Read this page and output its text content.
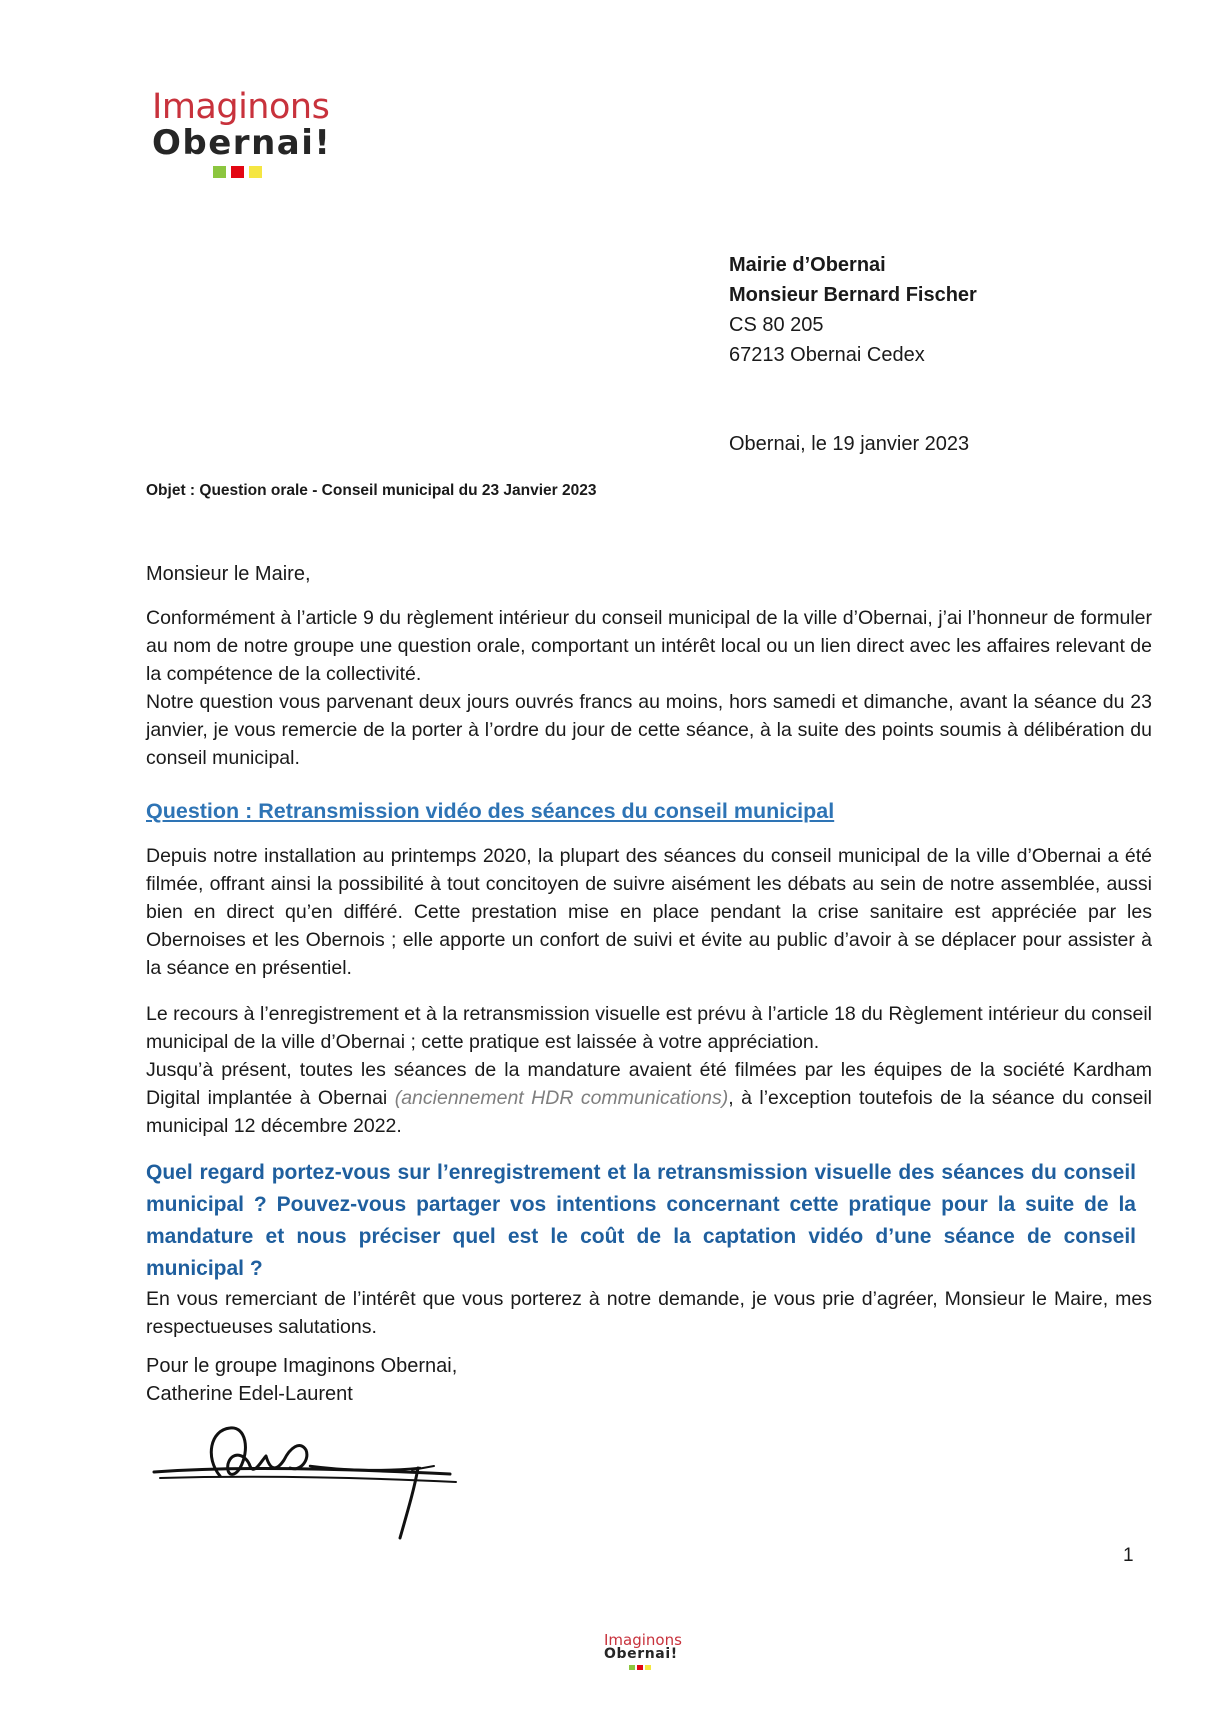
Imaginons
Obernai!
Mairie d’Obernai
Monsieur Bernard Fischer
CS 80 205
67213 Obernai Cedex
Obernai, le 19 janvier 2023
Objet : Question orale - Conseil municipal du 23 Janvier 2023
Monsieur le Maire,

Conformément à l’article 9 du règlement intérieur du conseil municipal de la ville d’Obernai, j’ai l’honneur de formuler au nom de notre groupe une question orale, comportant un intérêt local ou un lien direct avec les affaires relevant de la compétence de la collectivité.

Notre question vous parvenant deux jours ouvrés francs au moins, hors samedi et dimanche, avant la séance du 23 janvier, je vous remercie de la porter à l’ordre du jour de cette séance, à la suite des points soumis à délibération du conseil municipal.

Question : Retransmission vidéo des séances du conseil municipal

Depuis notre installation au printemps 2020, la plupart des séances du conseil municipal de la ville d’Obernai a été filmée, offrant ainsi la possibilité à tout concitoyen de suivre aisément les débats au sein de notre assemblée, aussi bien en direct qu’en différé. Cette prestation mise en place pendant la crise sanitaire est appréciée par les Obernoises et les Obernois ; elle apporte un confort de suivi et évite au public d’avoir à se déplacer pour assister à la séance en présentiel.

Le recours à l’enregistrement et à la retransmission visuelle est prévu à l’article 18 du Règlement intérieur du conseil municipal de la ville d’Obernai ; cette pratique est laissée à votre appréciation.

Jusqu’à présent, toutes les séances de la mandature avaient été filmées par les équipes de la société Kardham Digital implantée à Obernai (anciennement HDR communications), à l’exception toutefois de la séance du conseil municipal 12 décembre 2022.

Quel regard portez-vous sur l’enregistrement et la retransmission visuelle des séances du conseil municipal ? Pouvez-vous partager vos intentions concernant cette pratique pour la suite de la mandature et nous préciser quel est le coût de la captation vidéo d’une séance de conseil municipal ?

En vous remerciant de l’intérêt que vous porterez à notre demande, je vous prie d’agréer, Monsieur le Maire, mes respectueuses salutations.

Pour le groupe Imaginons Obernai,
Catherine Edel-Laurent
1
Imaginons
Obernai!
